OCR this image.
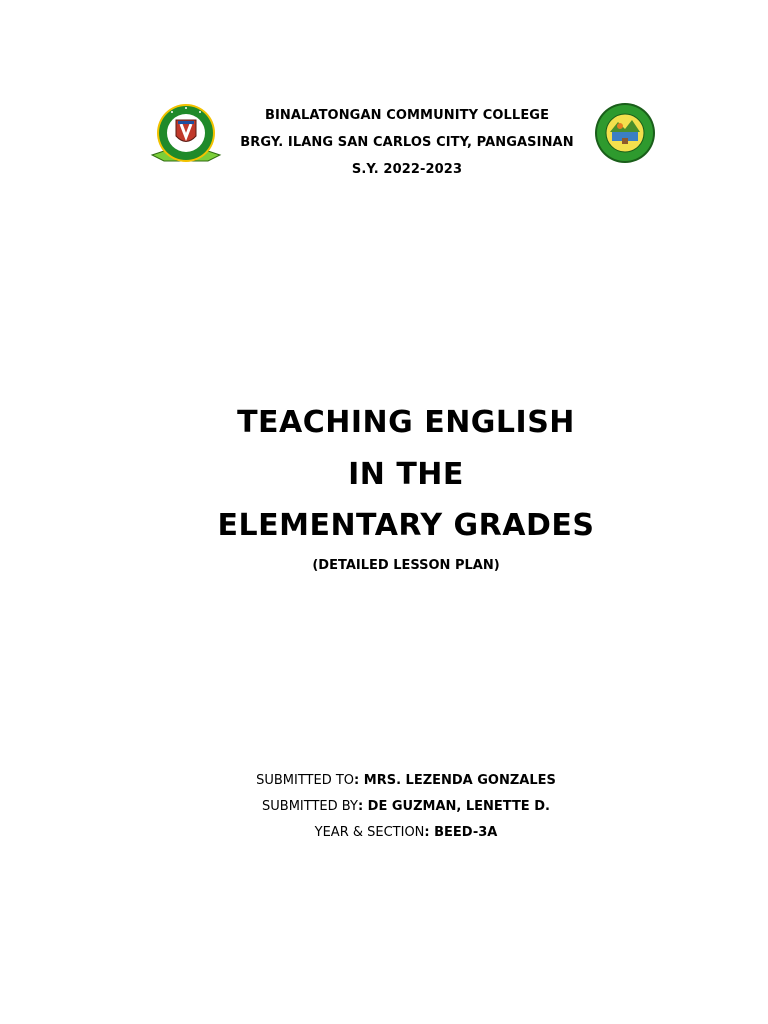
BINALATONGAN COMMUNITY COLLEGE
BRGY. ILANG SAN CARLOS CITY, PANGASINAN
S.Y. 2022-2023
TEACHING ENGLISH
IN THE
ELEMENTARY GRADES
(DETAILED LESSON PLAN)
SUBMITTED TO: MRS. LEZENDA GONZALES
SUBMITTED BY: DE GUZMAN, LENETTE D.
YEAR & SECTION: BEED-3A
